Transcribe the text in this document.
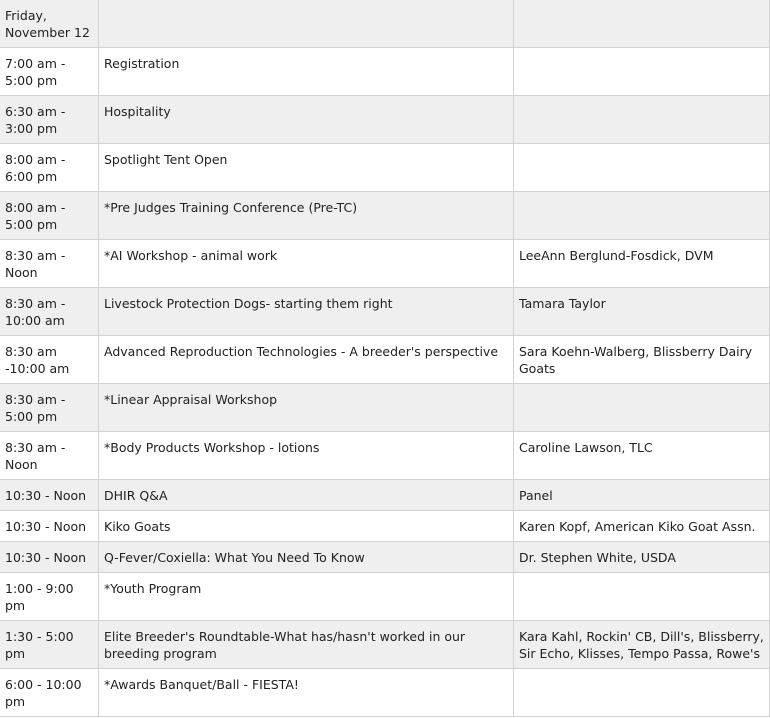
Friday, November 12		
7:00 am - 5:00 pm	Registration	
6:30 am - 3:00 pm	Hospitality	
8:00 am - 6:00 pm	Spotlight Tent Open	
8:00 am - 5:00 pm	*Pre Judges Training Conference (Pre-TC)	
8:30 am - Noon	*AI Workshop - animal work	LeeAnn Berglund-Fosdick, DVM
8:30 am - 10:00 am	Livestock Protection Dogs- starting them right	Tamara Taylor
8:30 am -10:00 am	Advanced Reproduction Technologies - A breeder's perspective	Sara Koehn-Walberg, Blissberry Dairy Goats
8:30 am - 5:00 pm	*Linear Appraisal Workshop	
8:30 am - Noon	*Body Products Workshop - lotions	Caroline Lawson, TLC
10:30 - Noon	DHIR Q&A	Panel
10:30 - Noon	Kiko Goats	Karen Kopf, American Kiko Goat Assn.
10:30 - Noon	Q-Fever/Coxiella: What You Need To Know	Dr. Stephen White, USDA
1:00 - 9:00 pm	*Youth Program	
1:30 - 5:00 pm	Elite Breeder's Roundtable-What has/hasn't worked in our breeding program	Kara Kahl, Rockin' CB, Dill's, Blissberry, Sir Echo, Klisses, Tempo Passa, Rowe's
6:00 - 10:00 pm	*Awards Banquet/Ball - FIESTA!	
